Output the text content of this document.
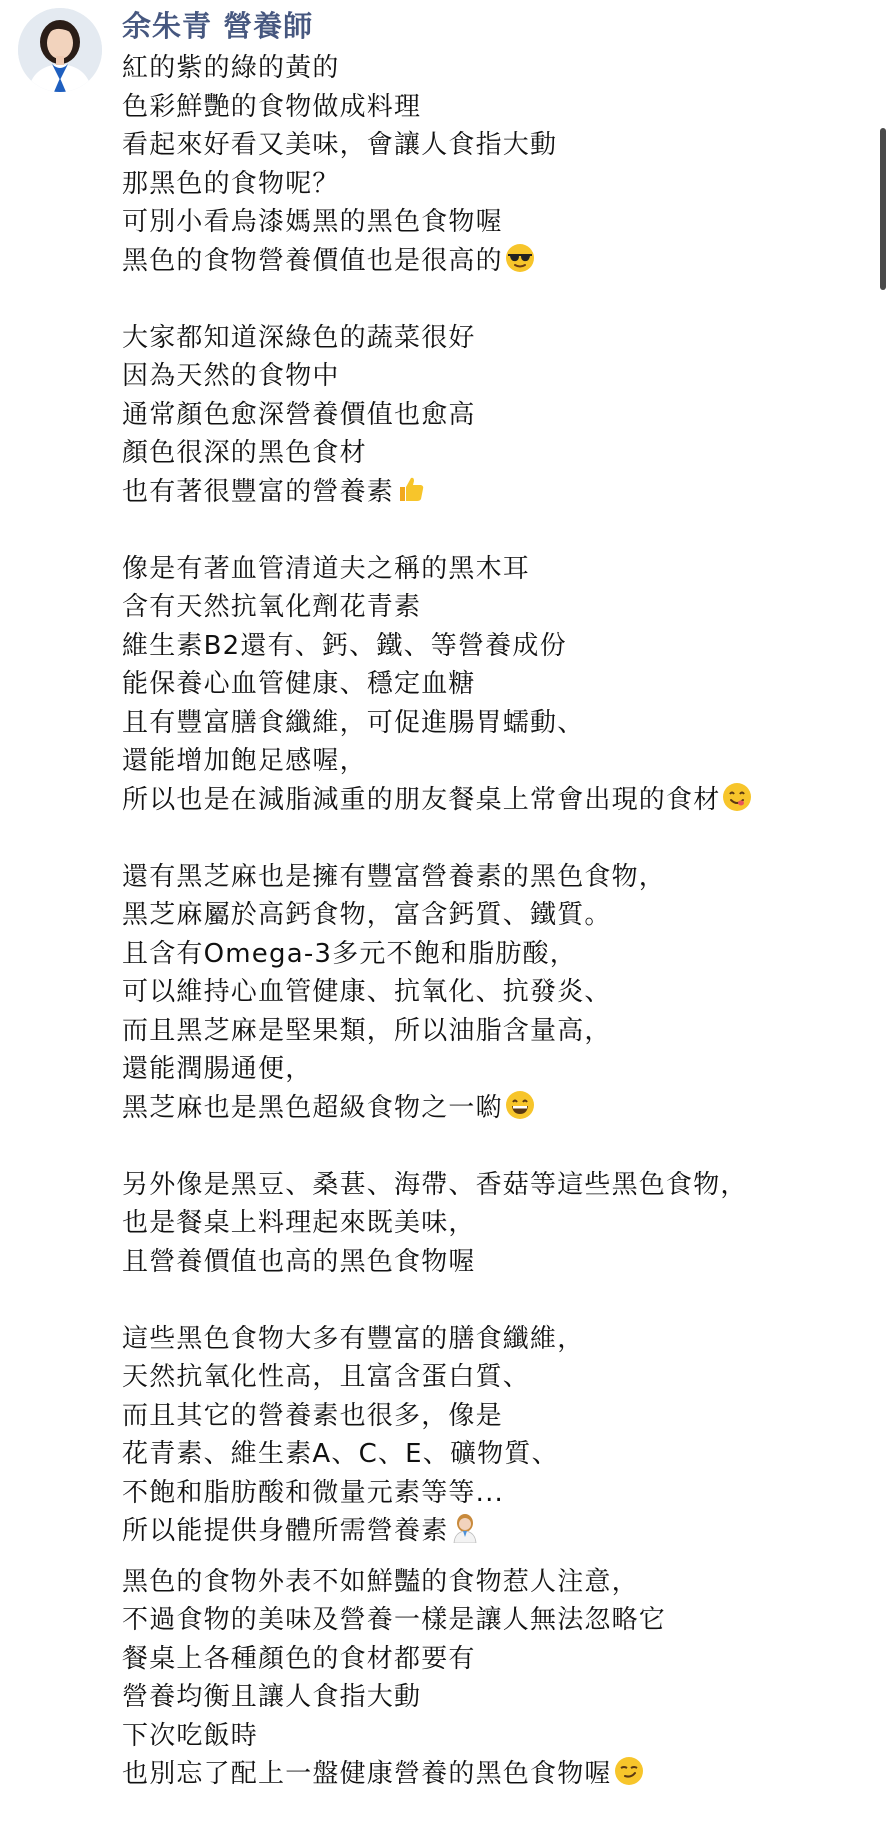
余朱青 營養師
紅的紫的綠的黃的
色彩鮮艷的食物做成料理
看起來好看又美味，會讓人食指大動
那黑色的食物呢？
可別小看烏漆媽黑的黑色食物喔
黑色的食物營養價值也是很高的
大家都知道深綠色的蔬菜很好
因為天然的食物中
通常顏色愈深營養價值也愈高
顏色很深的黑色食材
也有著很豐富的營養素
像是有著血管清道夫之稱的黑木耳
含有天然抗氧化劑花青素
維生素B2還有、鈣、鐵、等營養成份
能保養心血管健康、穩定血糖
且有豐富膳食纖維，可促進腸胃蠕動、
還能增加飽足感喔，
所以也是在減脂減重的朋友餐桌上常會出現的食材
還有黑芝麻也是擁有豐富營養素的黑色食物，
黑芝麻屬於高鈣食物，富含鈣質、鐵質。
且含有Omega-3多元不飽和脂肪酸，
可以維持心血管健康、抗氧化、抗發炎、
而且黑芝麻是堅果類，所以油脂含量高，
還能潤腸通便，
黑芝麻也是黑色超級食物之一喲
另外像是黑豆、桑葚、海帶、香菇等這些黑色食物，
也是餐桌上料理起來既美味，
且營養價值也高的黑色食物喔
這些黑色食物大多有豐富的膳食纖維，
天然抗氧化性高，且富含蛋白質、
而且其它的營養素也很多，像是
花青素、維生素A、C、E、礦物質、
不飽和脂肪酸和微量元素等等...
所以能提供身體所需營養素
黑色的食物外表不如鮮豔的食物惹人注意，
不過食物的美味及營養一樣是讓人無法忽略它
餐桌上各種顏色的食材都要有
營養均衡且讓人食指大動
下次吃飯時
也別忘了配上一盤健康營養的黑色食物喔
